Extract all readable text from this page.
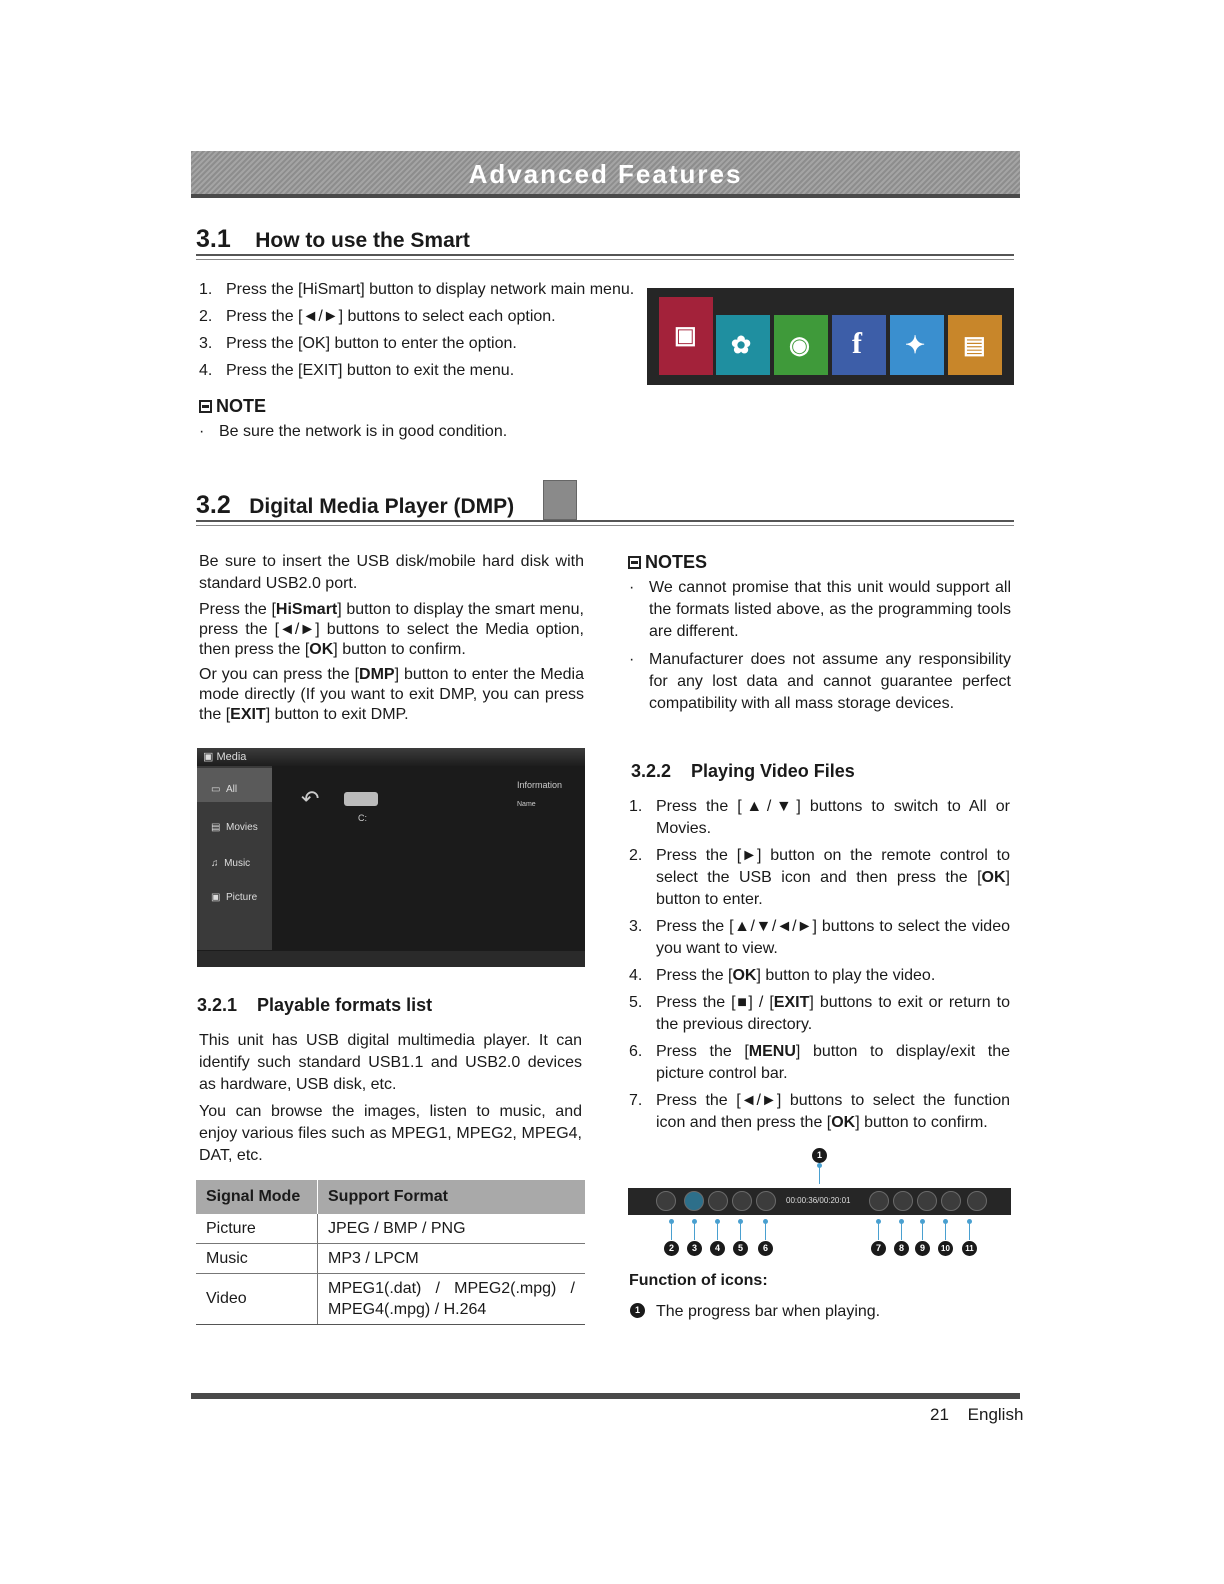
Advanced Features
3.1 How to use the Smart
1. Press the [HiSmart] button to display network main menu.
2. Press the [◄/►] buttons to select each option.
3. Press the [OK] button to enter the option.
4. Press the [EXIT] button to exit the menu.
NOTE
· Be sure the network is in good condition.
▣ ✿ ◉ f ✦ ▤
3.2 Digital Media Player (DMP)

Be sure to insert the USB disk/mobile hard disk with standard USB2.0 port.

Press the [HiSmart] button to display the smart menu, press the [◄/►] buttons to select the Media option, then press the [OK] button to confirm.

Or you can press the [DMP] button to enter the Media mode directly (If you want to exit DMP, you can press the [EXIT] button to exit DMP.

▣ Media
▭  All
▤  Movies
♫  Music
▣  Picture
↶
C:
Information
Name
3.2.1    Playable formats list

This unit has USB digital multimedia player. It can identify such standard USB1.1 and USB2.0 devices as hardware, USB disk, etc.

You can browse the images, listen to music, and enjoy various files such as MPEG1, MPEG2, MPEG4, DAT, etc.

Signal Mode	Support Format
Picture	JPEG / BMP / PNG
Music	MP3 / LPCM
Video	MPEG1(.dat) / MPEG2(.mpg) / MPEG4(.mpg) / H.264
NOTES
· We cannot promise that this unit would support all the formats listed above, as the programming tools are different.
· Manufacturer does not assume any responsibility for any lost data and cannot guarantee perfect compatibility with all mass storage devices.
3.2.2    Playing Video Files
1. Press the [▲/▼] buttons to switch to All or Movies.
2. Press the [►] button on the remote control to select the USB icon and then press the [OK] button to enter.
3. Press the [▲/▼/◄/►] buttons to select the video you want to view.
4. Press the [OK] button to play the video.
5. Press the [■] / [EXIT] buttons to exit or return to the previous directory.
6. Press the [MENU] button to display/exit the picture control bar.
7. Press the [◄/►] buttons to select the function icon and then press the [OK] button to confirm.
1
00:00:36/00:20:01
2	3	4	5	6	7	8	9	10	11
Function of icons:
1	The progress bar when playing.
21 English
